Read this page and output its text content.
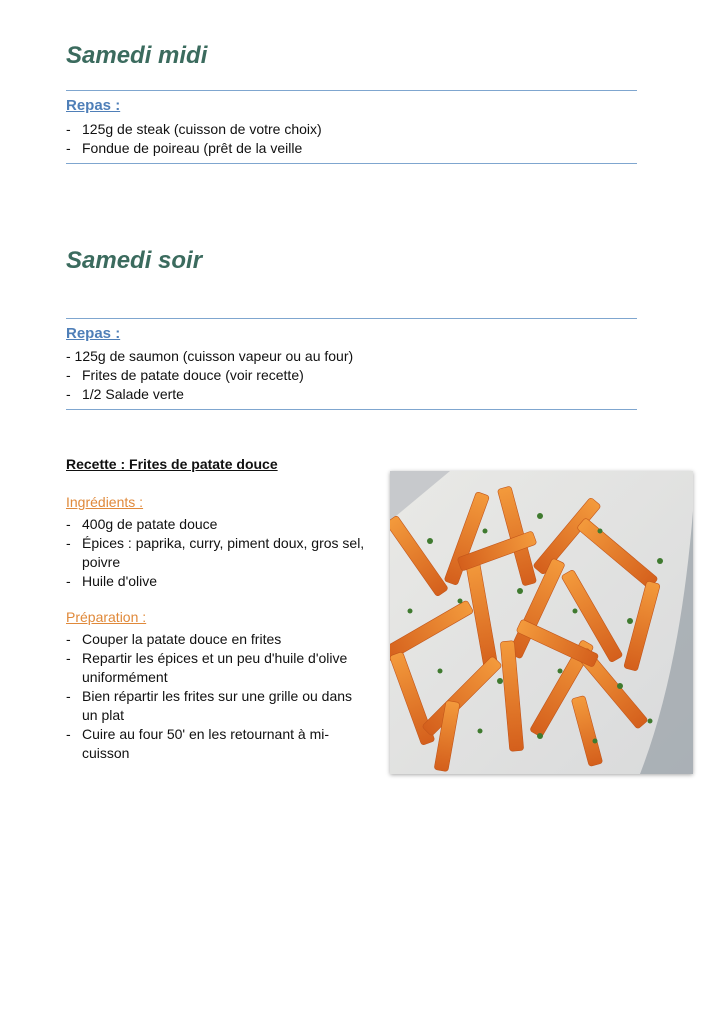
Samedi midi
Repas :
- 125g de steak (cuisson de votre choix)
- Fondue de poireau (prêt de la veille
Samedi soir
Repas :
- 125g de saumon (cuisson vapeur ou au four)
- Frites de patate douce (voir recette)
- 1/2 Salade verte
Recette : Frites de patate douce
Ingrédients :
- 400g de patate douce
- Épices : paprika, curry, piment doux, gros sel, poivre
- Huile d'olive
Préparation :
- Couper la patate douce en frites
- Repartir les épices et un peu d'huile d'olive uniformément
- Bien répartir les frites sur une grille ou dans un plat
- Cuire au four 50' en les retournant à mi-cuisson
